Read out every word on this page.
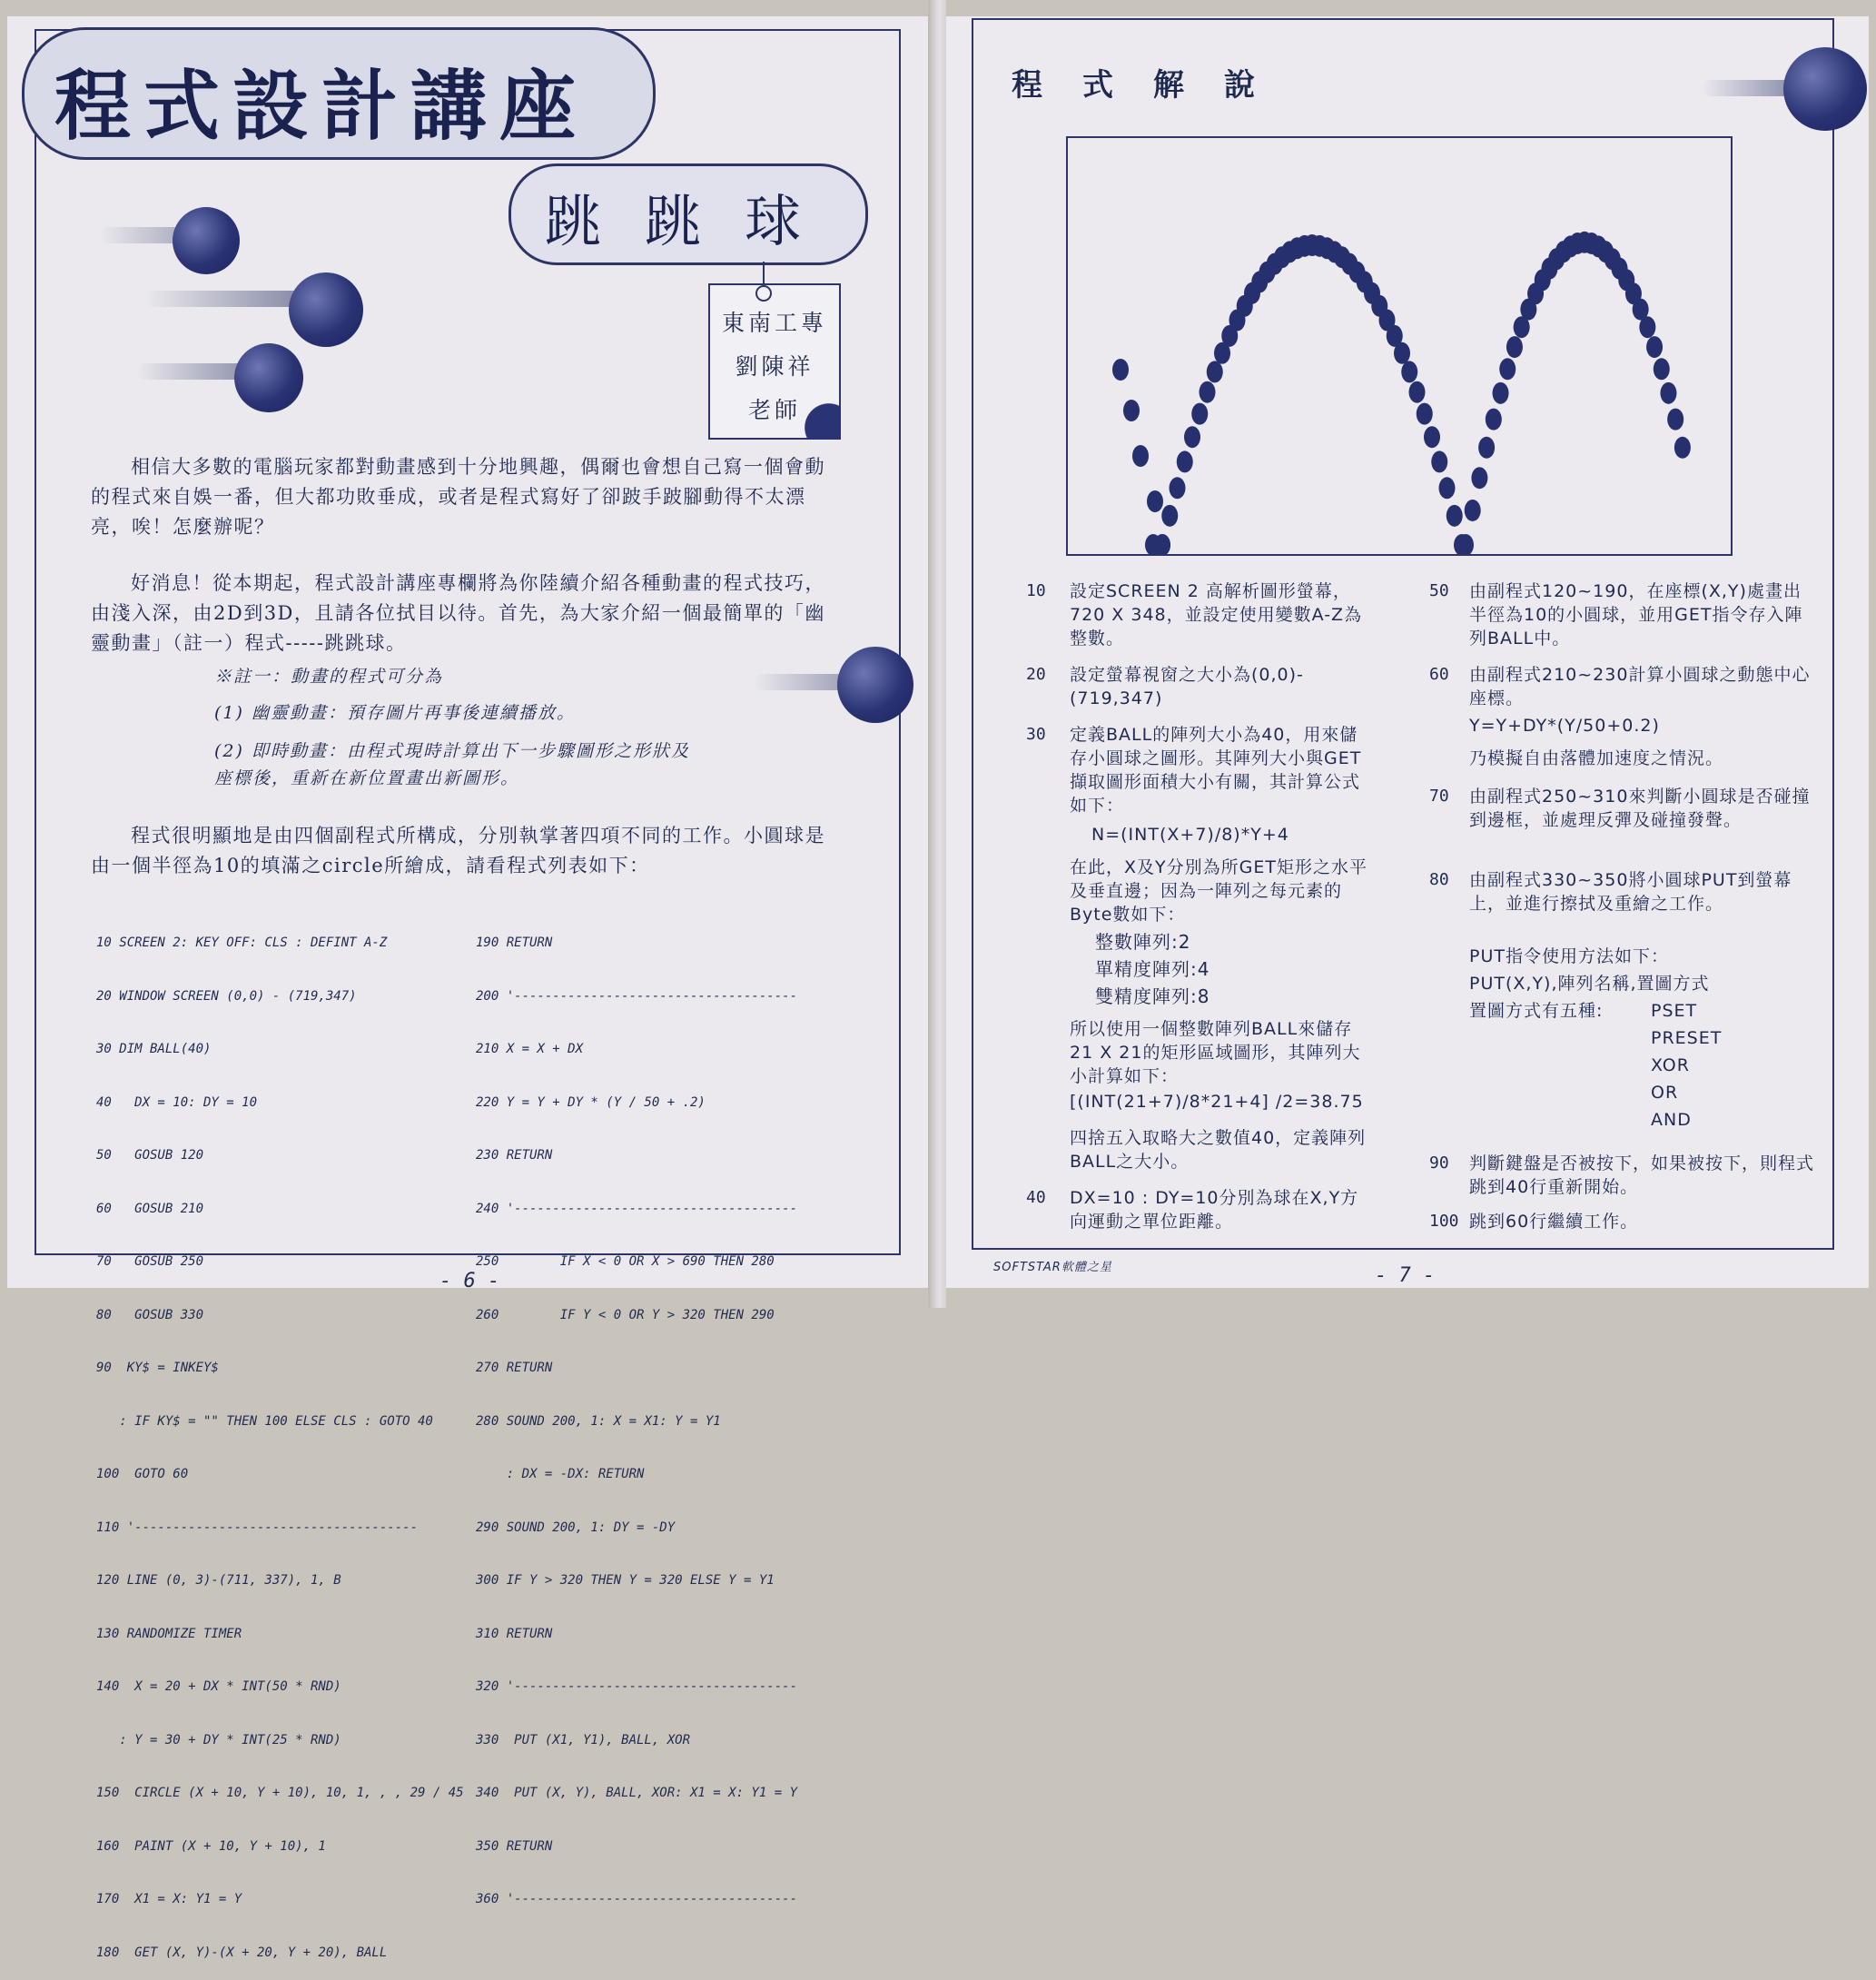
程式設計講座
跳跳球
東南工專
劉陳祥
老師
相信大多數的電腦玩家都對動畫感到十分地興趣，偶爾也會想自己寫一個會動的程式來自娛一番，但大都功敗垂成，或者是程式寫好了卻跛手跛腳動得不太漂亮，唉！怎麼辦呢？
好消息！從本期起，程式設計講座專欄將為你陸續介紹各種動畫的程式技巧，由淺入深，由2D到3D，且請各位拭目以待。首先，為大家介紹一個最簡單的「幽靈動畫」（註一）程式-----跳跳球。
※註一：動畫的程式可分為
(1) 幽靈動畫：預存圖片再事後連續播放。
(2) 即時動畫：由程式現時計算出下一步驟圖形之形狀及
座標後，重新在新位置畫出新圖形。
程式很明顯地是由四個副程式所構成，分別執掌著四項不同的工作。小圓球是由一個半徑為10的填滿之circle所繪成，請看程式列表如下：

10 SCREEN 2: KEY OFF: CLS : DEFINT A-Z

20 WINDOW SCREEN (0,0) - (719,347)

30 DIM BALL(40)

40   DX = 10: DY = 10

50   GOSUB 120

60   GOSUB 210

70   GOSUB 250

80   GOSUB 330

90  KY$ = INKEY$

: IF KY$ = "" THEN 100 ELSE CLS : GOTO 40

100  GOTO 60

110 '-------------------------------------

120 LINE (0, 3)-(711, 337), 1, B

130 RANDOMIZE TIMER

140  X = 20 + DX * INT(50 * RND)

: Y = 30 + DY * INT(25 * RND)

150  CIRCLE (X + 10, Y + 10), 10, 1, , , 29 / 45

160  PAINT (X + 10, Y + 10), 1

170  X1 = X: Y1 = Y

180  GET (X, Y)-(X + 20, Y + 20), BALL

190 RETURN

200 '-------------------------------------

210 X = X + DX

220 Y = Y + DY * (Y / 50 + .2)

230 RETURN

240 '-------------------------------------

250        IF X < 0 OR X > 690 THEN 280

260        IF Y < 0 OR Y > 320 THEN 290

270 RETURN

280 SOUND 200, 1: X = X1: Y = Y1

: DX = -DX: RETURN

290 SOUND 200, 1: DY = -DY

300 IF Y > 320 THEN Y = 320 ELSE Y = Y1

310 RETURN

320 '-------------------------------------

330  PUT (X1, Y1), BALL, XOR

340  PUT (X, Y), BALL, XOR: X1 = X: Y1 = Y

350 RETURN

360 '-------------------------------------

- 6 -
程式解說
10 設定SCREEN 2 高解析圖形螢幕，720 X 348，並設定使用變數A-Z為整數。
20 設定螢幕視窗之大小為(0,0)-(719,347)
30 定義BALL的陣列大小為40，用來儲存小圓球之圖形。其陣列大小與GET擷取圖形面積大小有關，其計算公式如下：
N=(INT(X+7)/8)*Y+4
在此，X及Y分別為所GET矩形之水平及垂直邊；因為一陣列之每元素的Byte數如下：
整數陣列:2
單精度陣列:4
雙精度陣列:8
所以使用一個整數陣列BALL來儲存21 X 21的矩形區域圖形，其陣列大小計算如下：
[(INT(21+7)/8*21+4] /2=38.75
四捨五入取略大之數值40，定義陣列BALL之大小。
40 DX=10 : DY=10分別為球在X,Y方向運動之單位距離。
50 由副程式120~190，在座標(X,Y)處畫出半徑為10的小圓球，並用GET指令存入陣列BALL中。
60 由副程式210~230計算小圓球之動態中心座標。
Y=Y+DY*(Y/50+0.2)
乃模擬自由落體加速度之情況。
70 由副程式250~310來判斷小圓球是否碰撞到邊框，並處理反彈及碰撞發聲。
80 由副程式330~350將小圓球PUT到螢幕上，並進行擦拭及重繪之工作。
PUT指令使用方法如下：
PUT(X,Y),陣列名稱,置圖方式
置圖方式有五種:	PSET
PRESET
XOR
OR
AND
90 判斷鍵盤是否被按下，如果被按下，則程式跳到40行重新開始。
100 跳到60行繼續工作。
SOFTSTAR軟體之星	- 7 -
